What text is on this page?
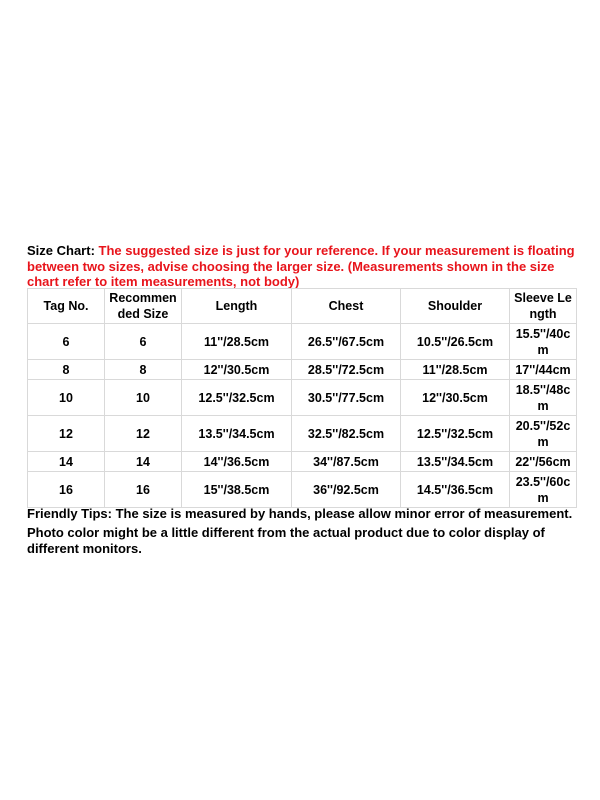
Size Chart: The suggested size is just for your reference. If your measurement is floating between two sizes, advise choosing the larger size. (Measurements shown in the size chart refer to item measurements, not body)
Tag No.	Recommended Size	Length	Chest	Shoulder	Sleeve Length
6	6	11''/28.5cm	26.5''/67.5cm	10.5''/26.5cm	15.5''/40cm
8	8	12''/30.5cm	28.5''/72.5cm	11''/28.5cm	17''/44cm
10	10	12.5''/32.5cm	30.5''/77.5cm	12''/30.5cm	18.5''/48cm
12	12	13.5''/34.5cm	32.5''/82.5cm	12.5''/32.5cm	20.5''/52cm
14	14	14''/36.5cm	34''/87.5cm	13.5''/34.5cm	22''/56cm
16	16	15''/38.5cm	36''/92.5cm	14.5''/36.5cm	23.5''/60cm

Friendly Tips: The size is measured by hands, please allow minor error of measurement.

Photo color might be a little different from the actual product due to color display of different monitors.
